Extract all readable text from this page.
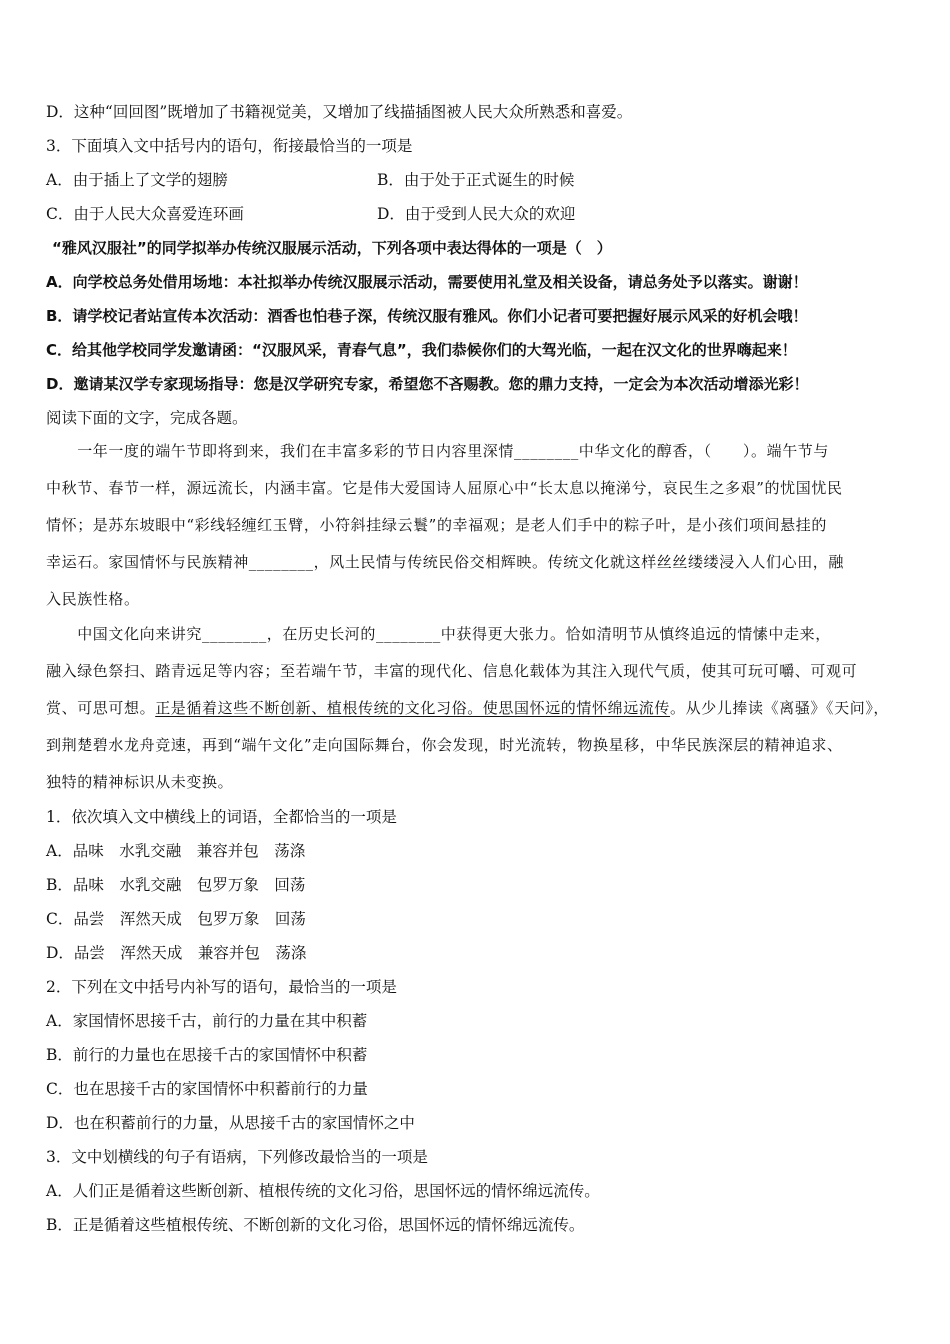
D．这种“回回图”既增加了书籍视觉美，又增加了线描插图被人民大众所熟悉和喜爱。
3．下面填入文中括号内的语句，衔接最恰当的一项是
A．由于插上了文学的翅膀	B．由于处于正式诞生的时候
C．由于人民大众喜爱连环画	D．由于受到人民大众的欢迎
“雅风汉服社”的同学拟举办传统汉服展示活动，下列各项中表达得体的一项是（　）
A．向学校总务处借用场地：本社拟举办传统汉服展示活动，需要使用礼堂及相关设备，请总务处予以落实。谢谢！
B．请学校记者站宣传本次活动：酒香也怕巷子深，传统汉服有雅风。你们小记者可要把握好展示风采的好机会哦！
C．给其他学校同学发邀请函：“汉服风采，青春气息”，我们恭候你们的大驾光临，一起在汉文化的世界嗨起来！
D．邀请某汉学专家现场指导：您是汉学研究专家，希望您不吝赐教。您的鼎力支持，一定会为本次活动增添光彩！
阅读下面的文字，完成各题。
　　一年一度的端午节即将到来，我们在丰富多彩的节日内容里深情________中华文化的醇香，（　　）。端午节与
中秋节、春节一样，源远流长，内涵丰富。它是伟大爱国诗人屈原心中“长太息以掩涕兮，哀民生之多艰”的忧国忧民
情怀；是苏东坡眼中“彩线轻缠红玉臂，小符斜挂绿云鬟”的幸福观；是老人们手中的粽子叶，是小孩们项间悬挂的
幸运石。家国情怀与民族精神________，风土民情与传统民俗交相辉映。传统文化就这样丝丝缕缕浸入人们心田，融
入民族性格。
　　中国文化向来讲究________，在历史长河的________中获得更大张力。恰如清明节从慎终追远的情愫中走来，
融入绿色祭扫、踏青远足等内容；至若端午节，丰富的现代化、信息化载体为其注入现代气质，使其可玩可嚼、可观可
赏、可思可想。正是循着这些不断创新、植根传统的文化习俗。使思国怀远的情怀绵远流传。从少儿捧读《离骚》《天问》，
到荆楚碧水龙舟竞速，再到“端午文化”走向国际舞台，你会发现，时光流转，物换星移，中华民族深层的精神追求、
独特的精神标识从未变换。
1．依次填入文中横线上的词语，全都恰当的一项是
A．品味　水乳交融　兼容并包　荡涤
B．品味　水乳交融　包罗万象　回荡
C．品尝　浑然天成　包罗万象　回荡
D．品尝　浑然天成　兼容并包　荡涤
2．下列在文中括号内补写的语句，最恰当的一项是
A．家国情怀思接千古，前行的力量在其中积蓄
B．前行的力量也在思接千古的家国情怀中积蓄
C．也在思接千古的家国情怀中积蓄前行的力量
D．也在积蓄前行的力量，从思接千古的家国情怀之中
3．文中划横线的句子有语病，下列修改最恰当的一项是
A．人们正是循着这些断创新、植根传统的文化习俗，思国怀远的情怀绵远流传。
B．正是循着这些植根传统、不断创新的文化习俗，思国怀远的情怀绵远流传。
